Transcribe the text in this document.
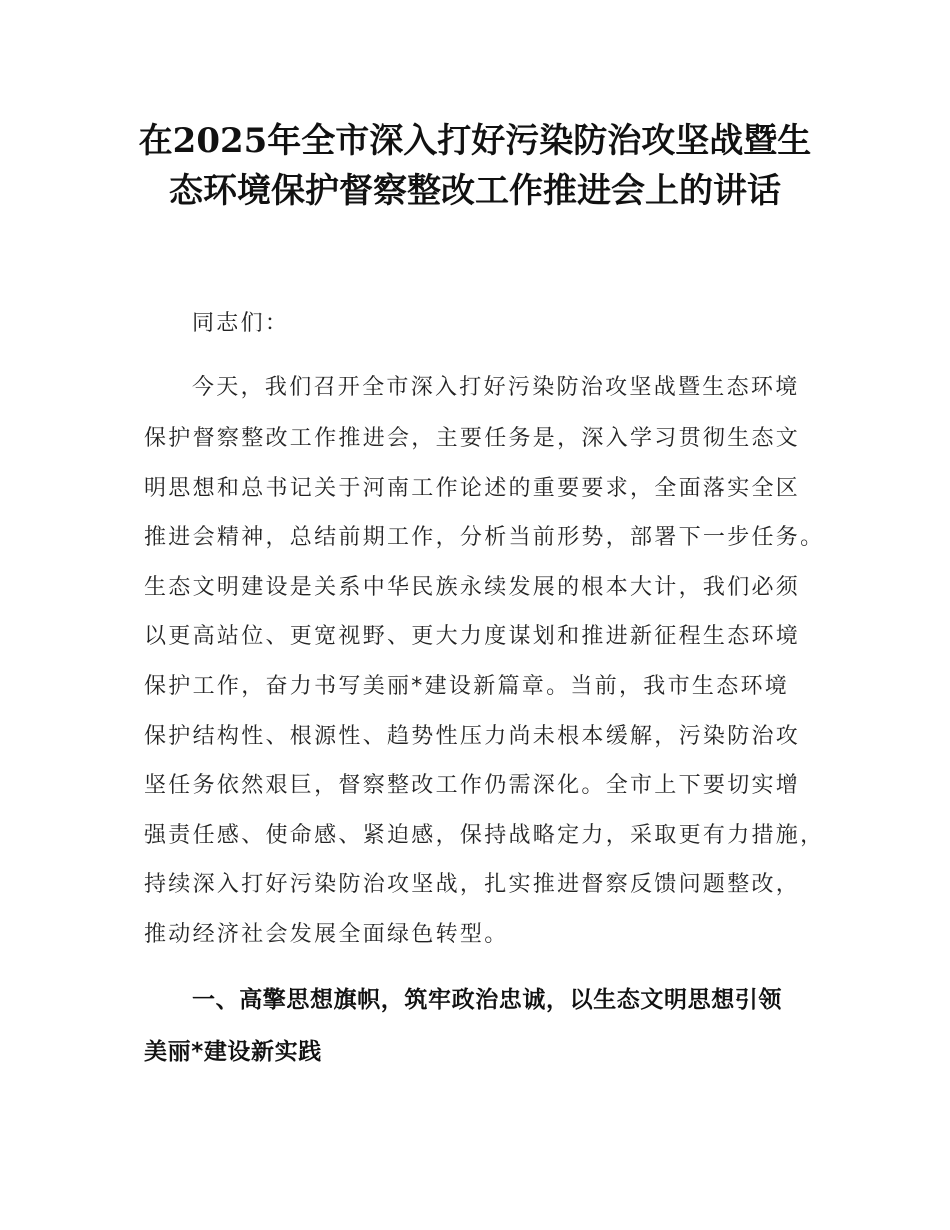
在2025年全市深入打好污染防治攻坚战暨生
态环境保护督察整改工作推进会上的讲话
同志们：
今天，我们召开全市深入打好污染防治攻坚战暨生态环境
保护督察整改工作推进会，主要任务是，深入学习贯彻生态文
明思想和总书记关于河南工作论述的重要要求，全面落实全区
推进会精神，总结前期工作，分析当前形势，部署下一步任务。
生态文明建设是关系中华民族永续发展的根本大计，我们必须
以更高站位、更宽视野、更大力度谋划和推进新征程生态环境
保护工作，奋力书写美丽*建设新篇章。当前，我市生态环境
保护结构性、根源性、趋势性压力尚未根本缓解，污染防治攻
坚任务依然艰巨，督察整改工作仍需深化。全市上下要切实增
强责任感、使命感、紧迫感，保持战略定力，采取更有力措施，
持续深入打好污染防治攻坚战，扎实推进督察反馈问题整改，
推动经济社会发展全面绿色转型。
一、高擎思想旗帜，筑牢政治忠诚，以生态文明思想引领
美丽*建设新实践
